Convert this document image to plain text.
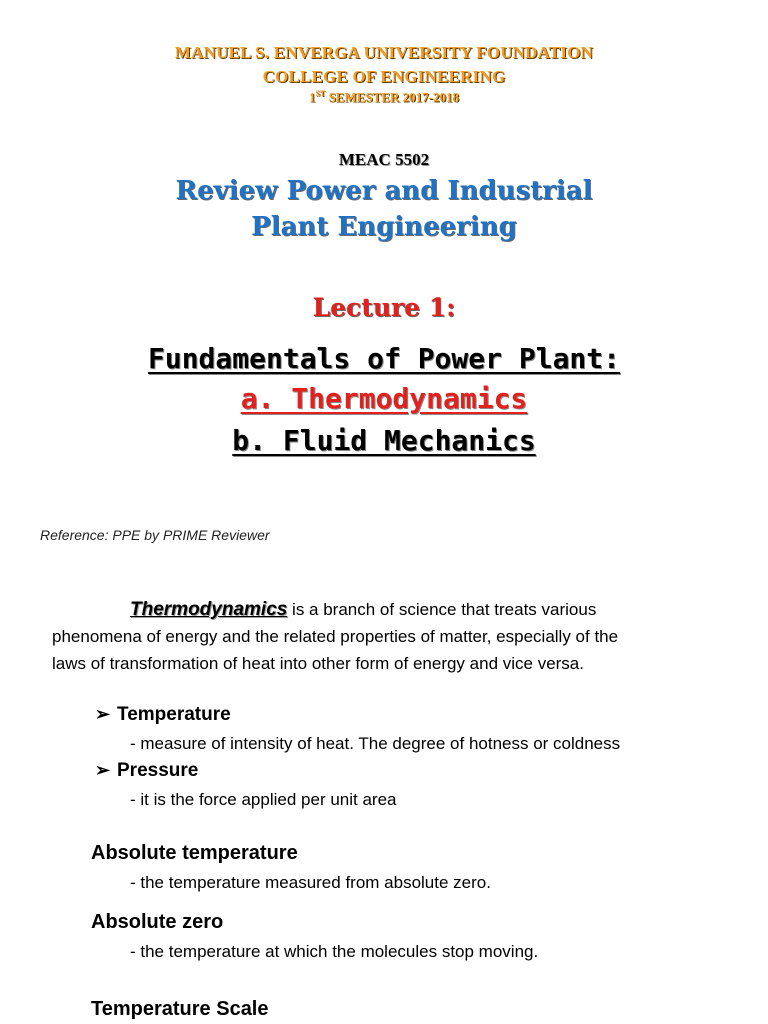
MANUEL S. ENVERGA UNIVERSITY FOUNDATION
COLLEGE OF ENGINEERING
1ST SEMESTER 2017-2018
MEAC 5502
Review Power and Industrial
Plant Engineering
Lecture 1:
Fundamentals of Power Plant:
a. Thermodynamics
b. Fluid Mechanics
Reference: PPE by PRIME Reviewer
Thermodynamics is a branch of science that treats various
phenomena of energy and the related properties of matter, especially of the
laws of transformation of heat into other form of energy and vice versa.
➢ Temperature
- measure of intensity of heat. The degree of hotness or coldness
➢ Pressure
- it is the force applied per unit area
Absolute temperature
- the temperature measured from absolute zero.
Absolute zero
- the temperature at which the molecules stop moving.
Temperature Scale
